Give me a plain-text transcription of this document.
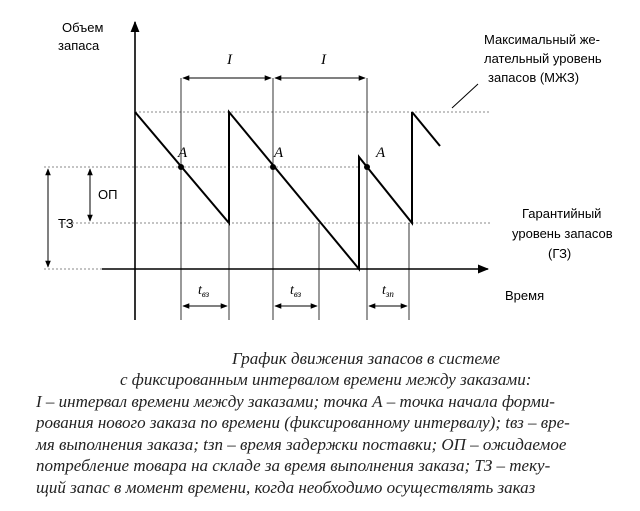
Объем
запаса
Время
А	А	А
I	I
$t_{вз}$	$t_{вз}$	$t_{зп}$
ОП
ТЗ
Максимальный же-
лательный уровень
запасов (МЖЗ)
Гарантийный
уровень запасов
(ГЗ)
График движения запасов в системе
с фиксированным интервалом времени между заказами:
I – интервал времени между заказами; точка А – точка начала форми-
рования нового заказа по времени (фиксированному интервалу); tвз – вре-
мя выполнения заказа; tзп – время задержки поставки; ОП – ожидаемое
потребление товара на складе за время выполнения заказа; ТЗ – теку-
щий запас в момент времени, когда необходимо осуществлять заказ
